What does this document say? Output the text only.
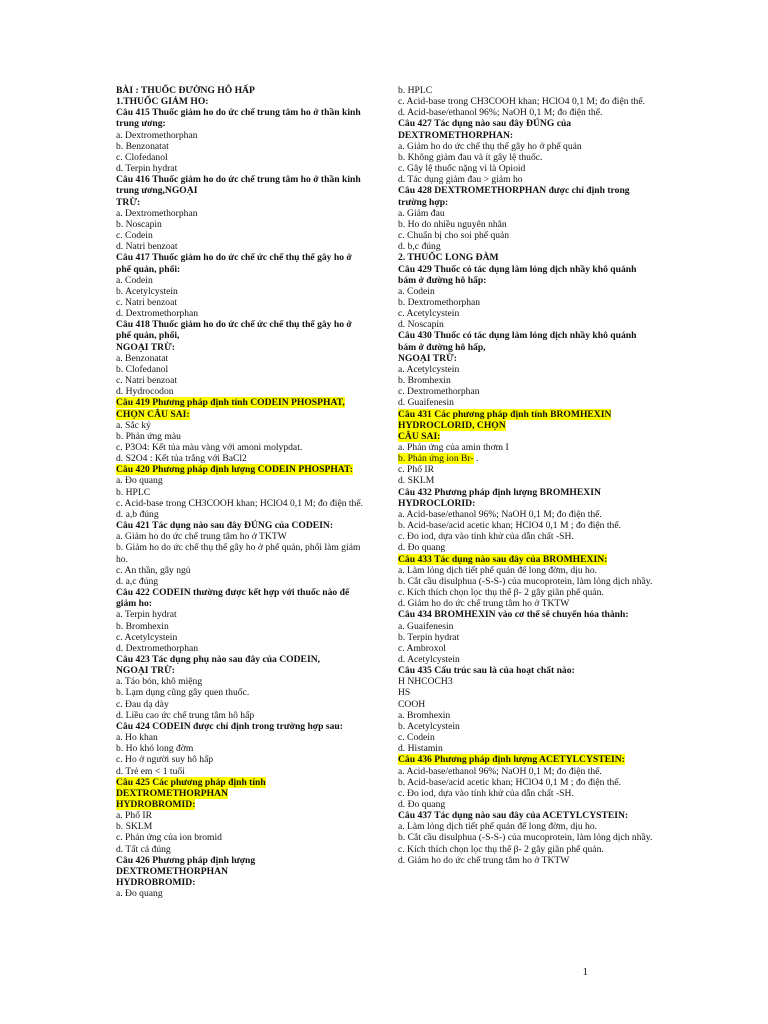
BÀI : THUỐC ĐƯỜNG HÔ HẤP
1.THUỐC GIẢM HO:
Câu 415 Thuốc giảm ho do ức chế trung tâm ho ở thần kinh trung ương:
a. Dextromethorphan
b. Benzonatat
c. Clofedanol
d. Terpin hydrat
Câu 416 Thuốc giảm ho do ức chế trung tâm ho ở thần kinh trung ương,NGOẠI
TRỪ:
a. Dextromethorphan
b. Noscapin
c. Codein
d. Natri benzoat
Câu 417 Thuốc giảm ho do ức chế ức chế thụ thể gây ho ở phế quản, phổi:
a. Codein
b. Acetylcystein
c. Natri benzoat
d. Dextromethorphan
Câu 418 Thuốc giảm ho do ức chế ức chế thụ thể gây ho ở phế quản, phổi,
NGOẠI TRỪ:
a. Benzonatat
b. Clofedanol
c. Natri benzoat
d. Hydrocodon
Câu 419 Phương pháp định tính CODEIN PHOSPHAT, CHỌN CÂU SAI:
a. Sắc ký
b. Phản ứng màu
c. P3O4: Kết tủa màu vàng với amoni molypdat.
d. S2O4 : Kết tủa trắng với BaCl2
Câu 420 Phương pháp định lượng CODEIN PHOSPHAT:
a. Đo quang
b. HPLC
c. Acid-base trong CH3COOH khan; HClO4 0,1 M; đo điện thế.
d. a,b đúng
Câu 421 Tác dụng nào sau đây ĐÚNG của CODEIN:
a. Giảm ho do ức chế trung tâm ho ở TKTW
b. Giảm ho do ức chế thụ thể gây ho ở phế quản, phổi làm giảm ho.
c. An thần, gây ngủ
d. a,c đúng
Câu 422 CODEIN thường được kết hợp với thuốc nào để giảm ho:
a. Terpin hydrat
b. Bromhexin
c. Acetylcystein
d. Dextromethorphan
Câu 423 Tác dụng phụ nào sau đây của CODEIN,
NGOẠI TRỪ:
a. Táo bón, khô miệng
b. Lạm dụng cũng gây quen thuốc.
c. Đau dạ dày
d. Liều cao ức chế trung tâm hô hấp
Câu 424 CODEIN được chỉ định trong trường hợp sau:
a. Ho khan
b. Ho khó long đờm
c. Ho ở người suy hô hấp
d. Trẻ em < 1 tuổi
Câu 425 Các phương pháp định tính
DEXTROMETHORPHAN
HYDROBROMID:
a. Phổ IR
b. SKLM
c. Phản ứng của ion bromid
d. Tất cả đúng
Câu 426 Phương pháp định lượng
DEXTROMETHORPHAN
HYDROBROMID:
a. Đo quang
b. HPLC
c. Acid-base trong CH3COOH khan; HClO4 0,1 M; đo điện thế.
d. Acid-base/ethanol 96%; NaOH 0,1 M; đo điện thế.
Câu 427 Tác dụng nào sau đây ĐÚNG của
DEXTROMETHORPHAN:
a. Giảm ho do ức chế thụ thể gây ho ở phế quản
b. Không giảm đau và ít gây lệ thuốc.
c. Gây lệ thuốc nặng vì là Opioid
d. Tác dụng giảm đau > giảm ho
Câu 428 DEXTROMETHORPHAN được chỉ định trong trường hợp:
a. Giảm đau
b. Ho do nhiều nguyên nhân
c. Chuẩn bị cho soi phế quản
d. b,c đúng
2. THUỐC LONG ĐÀM
Câu 429 Thuốc có tác dụng làm lỏng dịch nhầy khô quánh bám ở đường hô hấp:
a. Codein
b. Dextromethorphan
c. Acetylcystein
d. Noscapin
Câu 430 Thuốc có tác dụng làm lỏng dịch nhầy khô quánh bám ở đường hô hấp,
NGOẠI TRỪ:
a. Acetylcystein
b. Bromhexin
c. Dextromethorphan
d. Guaifenesin
Câu 431 Các phương pháp định tính BROMHEXIN HYDROCLORID, CHỌN
CÂU SAI:
a. Phản ứng của amin thơm I
b. Phản ứng ion Br- .
c. Phổ IR
d. SKLM
Câu 432 Phương pháp định lượng BROMHEXIN HYDROCLORID:
a. Acid-base/ethanol 96%; NaOH 0,1 M; đo điện thế.
b. Acid-base/acid acetic khan; HClO4 0,1 M ; đo điện thế.
c. Đo iod, dựa vào tính khử của dẫn chất -SH.
d. Đo quang
Câu 433 Tác dụng nào sau đây của BROMHEXIN:
a. Làm lỏng dịch tiết phế quản để long đờm, dịu ho.
b. Cắt cầu disulphua (-S-S-) của mucoprotein, làm lỏng dịch nhầy.
c. Kích thích chọn lọc thụ thể β- 2 gây giãn phế quản.
d. Giảm ho do ức chế trung tâm ho ở TKTW
Câu 434 BROMHEXIN vào cơ thể sẽ chuyển hóa thành:
a. Guaifenesin
b. Terpin hydrat
c. Ambroxol
d. Acetylcystein
Câu 435 Cấu trúc sau là của hoạt chất nào:
H NHCOCH3
HS
COOH
a. Bromhexin
b. Acetylcystein
c. Codein
d. Histamin
Câu 436 Phương pháp định lượng ACETYLCYSTEIN:
a. Acid-base/ethanol 96%; NaOH 0,1 M; đo điện thế.
b. Acid-base/acid acetic khan; HClO4 0,1 M ; đo điện thế.
c. Đo iod, dựa vào tính khử của dẫn chất -SH.
d. Đo quang
Câu 437 Tác dụng nào sau đây của ACETYLCYSTEIN:
a. Làm lỏng dịch tiết phế quản để long đờm, dịu ho.
b. Cắt cầu disulphua (-S-S-) của mucoprotein, làm lỏng dịch nhầy.
c. Kích thích chọn lọc thụ thể β- 2 gây giãn phế quản.
d. Giảm ho do ức chế trung tâm ho ở TKTW
1
